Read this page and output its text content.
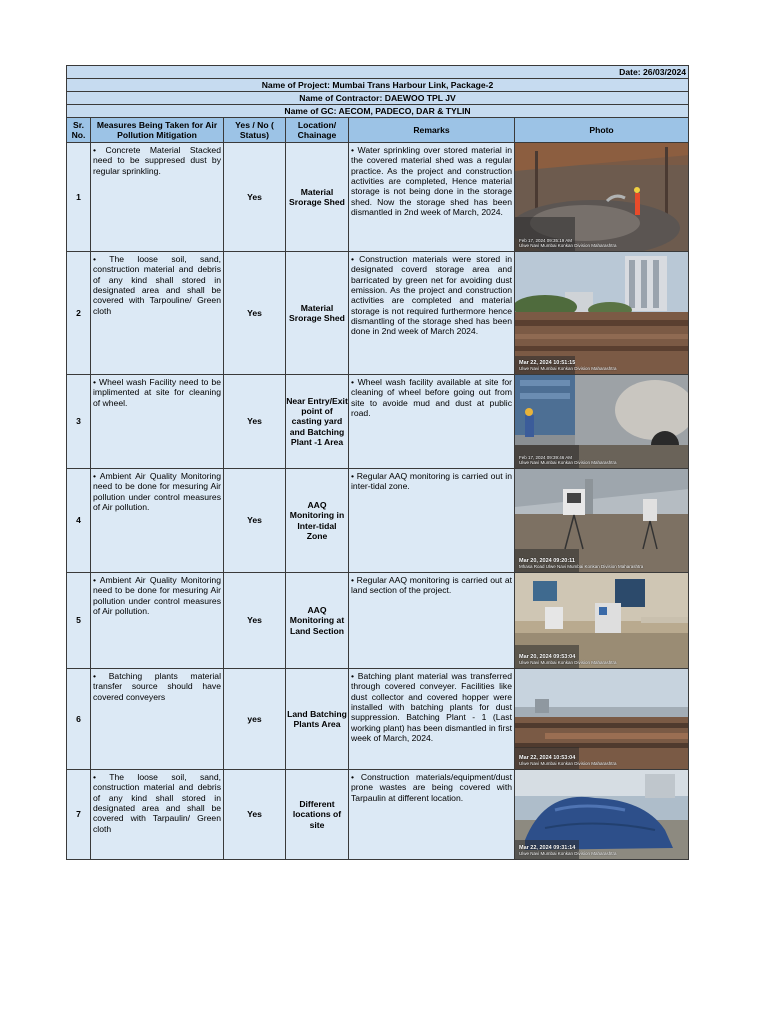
Date: 26/03/2024					
Name of Project: Mumbai Trans Harbour Link, Package-2					
Name of Contractor: DAEWOO TPL JV					
Name of GC: AECOM, PADECO, DAR & TYLIN					
Sr. No.	Measures Being Taken for Air Pollution Mitigation	Yes / No ( Status)	Location/ Chainage	Remarks	Photo
1	• Concrete Material Stacked need to be suppresed dust by regular sprinkling.	Yes	Material Srorage Shed	• Water sprinkling over stored material in the covered material shed was a regular practice. As the project and construction activities are completed, Hence material storage is not being done in the storage shed. Now the storage shed has been dismantled in 2nd week of March, 2024.	Feb 17, 2024 09:35:19 AM
Ulwe Navi Mumbai Konkan Division Maharashtra

2	• The loose soil, sand, construction material and debris of any kind shall stored in designated area and shall be covered with Tarpouline/ Green cloth	Yes	Material Srorage Shed	• Construction materials were stored in designated coverd storage area and barricated by green net for avoiding dust emission. As the project and construction activities are completed and material storage is not required furthermore hence dismantling of the storage shed has been done in 2nd week of March 2024.	Mar 22, 2024 10:51:15
Ulwe Navi Mumbai Konkan Division Maharashtra

3	• Wheel wash Facility need to be implimented at site for cleaning of wheel.	Yes	Near Entry/Exit point of casting yard and Batching Plant -1 Area	• Wheel wash facility available at site for cleaning of wheel before going out from site to avoide mud and dust at public road.	Feb 17, 2024 09:39:46 AM
Ulwe Navi Mumbai Konkan Division Maharashtra

4	• Ambient Air Quality Monitoring need to be done for mesuring Air pollution under control measures of Air pollution.	Yes	AAQ Monitoring in Inter-tidal Zone	• Regular AAQ monitoring is carried out in inter-tidal zone.	Mar 20, 2024 09:20:11
Mhasa Road Ulwe Navi Mumbai Konkan Division Maharashtra

5	• Ambient Air Quality Monitoring need to be done for mesuring Air pollution under control measures of Air pollution.	Yes	AAQ Monitoring at Land Section	• Regular AAQ monitoring is carried out at land section of the project.	Mar 20, 2024 09:53:04
Ulwe Navi Mumbai Konkan Division Maharashtra

6	• Batching plants material transfer source should have covered conveyers	yes	Land Batching Plants Area	• Batching plant material was transferred through covered conveyer. Facilities like dust collector and covered hopper were installed with batching plants for dust suppression. Batching Plant - 1 (Last working plant) has been dismantled in first week of March, 2024.	Mar 22, 2024 10:53:04
Ulwe Navi Mumbai Konkan Division Maharashtra

7	• The loose soil, sand, construction material and debris of any kind shall stored in designated area and shall be covered with Tarpaulin/ Green cloth	Yes	Different locations of site	• Construction materials/equipment/dust prone wastes are being covered with Tarpaulin at different location.	Mar 22, 2024 09:31:14
Ulwe Navi Mumbai Konkan Division Maharashtra
